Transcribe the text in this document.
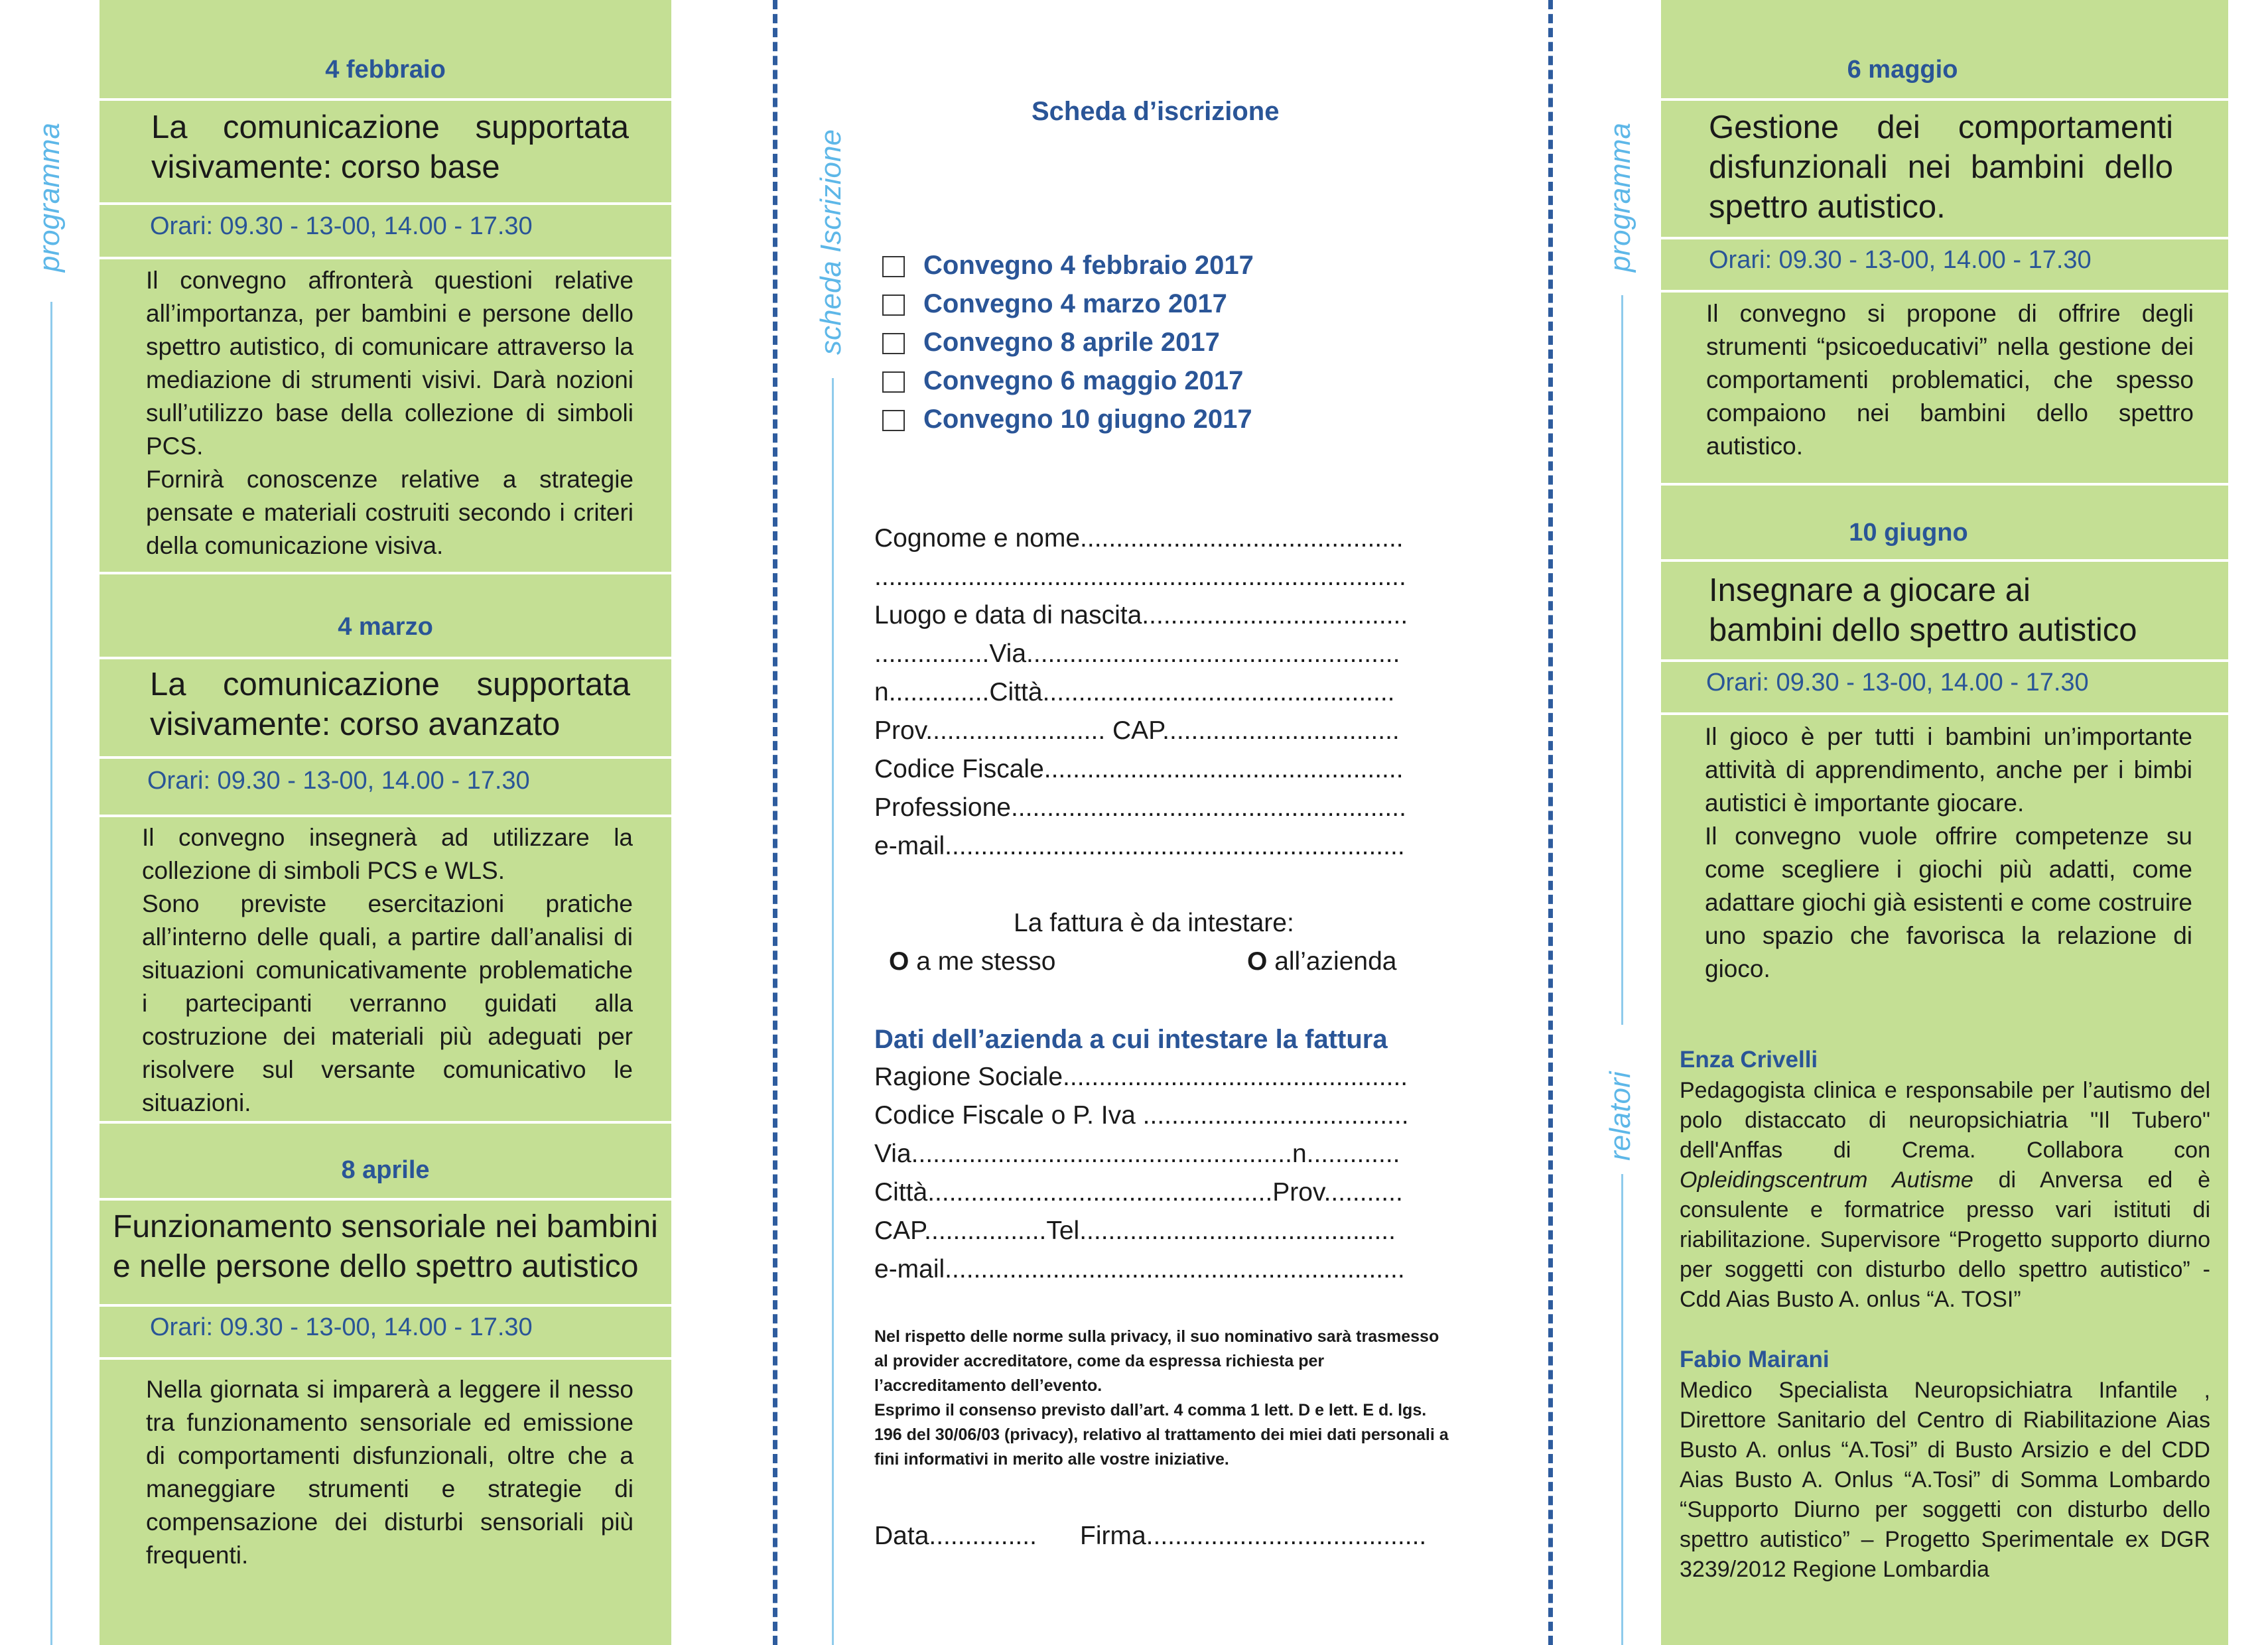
programma
4 febbraio
La comunicazione supportata visivamente: corso base
Orari: 09.30 - 13-00, 14.00 - 17.30

Il convegno affronterà questioni relative all’importanza, per bambini e persone dello spettro autistico, di comunicare attraverso la mediazione di strumenti visivi. Darà nozioni sull’utilizzo base della collezione di simboli PCS.

Fornirà conoscenze relative a strategie pensate e materiali costruiti secondo i criteri della comunicazione visiva.

4 marzo
La comunicazione supportata visivamente: corso avanzato
Orari: 09.30 - 13-00, 14.00 - 17.30

Il convegno insegnerà ad utilizzare la collezione di simboli PCS e WLS.

Sono previste esercitazioni pratiche all’interno delle quali, a partire dall’analisi di situazioni comunicativamente problematiche i partecipanti verranno guidati alla costruzione dei materiali più adeguati per risolvere sul versante comunicativo le situazioni.

8 aprile
Funzionamento sensoriale nei bambini e nelle persone dello spettro autistico
Orari: 09.30 - 13-00, 14.00 - 17.30

Nella giornata si imparerà a leggere il nesso tra funzionamento sensoriale ed emissione di comportamenti disfunzionali, oltre che a maneggiare strumenti e strategie di compensazione dei disturbi sensoriali più frequenti.

scheda Iscrizione
Scheda d’iscrizione
Convegno 4 febbraio 2017
Convegno 4 marzo 2017
Convegno 8 aprile 2017
Convegno 6 maggio 2017
Convegno 10 giugno 2017
Cognome e nome.............................................
..........................................................................
Luogo e data di nascita.....................................
................Via....................................................
n..............Città.................................................
Prov......................... CAP.................................
Codice Fiscale..................................................
Professione.......................................................
e-mail................................................................
La fattura è da intestare:
O a me stesso	O all’azienda
Dati dell’azienda a cui intestare la fattura
Ragione Sociale................................................
Codice Fiscale o P. Iva .....................................
Via.....................................................n.............
Città................................................Prov...........
CAP.................Tel............................................
e-mail................................................................

Nel rispetto delle norme sulla privacy, il suo nominativo sarà trasmesso al provider accreditatore, come da espressa richiesta per l’accreditamento dell’evento.

Esprimo il consenso previsto dall’art. 4 comma 1 lett. D e lett. E d. lgs. 196 del 30/06/03 (privacy), relativo al trattamento dei miei dati personali a fini informativi in merito alle vostre iniziative.

Data............... Firma.......................................
programma
relatori
6 maggio
Gestione dei comportamenti disfunzionali nei bambini dello spettro autistico.
Orari: 09.30 - 13-00, 14.00 - 17.30

Il convegno si propone di offrire degli strumenti “psicoeducativi” nella gestione dei comportamenti problematici, che spesso compaiono nei bambini dello spettro autistico.

10 giugno
Insegnare a giocare ai bambini dello spettro autistico
Orari: 09.30 - 13-00, 14.00 - 17.30

Il gioco è per tutti i bambini un’importante attività di apprendimento, anche per i bimbi autistici è importante giocare.

Il convegno vuole offrire competenze su come scegliere i giochi più adatti, come adattare giochi già esistenti e come costruire uno spazio che favorisca la relazione di gioco.

Enza Crivelli
Pedagogista clinica e responsabile per l’autismo del polo distaccato di neuropsichiatria "Il Tubero" dell'Anffas di Crema. Collabora con Opleidingscentrum Autisme di Anversa ed è consulente e formatrice presso vari istituti di riabilitazione. Supervisore “Progetto supporto diurno per soggetti con disturbo dello spettro autistico” - Cdd Aias Busto A. onlus “A. TOSI”
Fabio Mairani
Medico Specialista Neuropsichiatra Infantile , Direttore Sanitario del Centro di Riabilitazione Aias Busto A. onlus “A.Tosi” di Busto Arsizio e del CDD Aias Busto A. Onlus “A.Tosi” di Somma Lombardo “Supporto Diurno per soggetti con disturbo dello spettro autistico” – Progetto Sperimentale ex DGR 3239/2012 Regione Lombardia
